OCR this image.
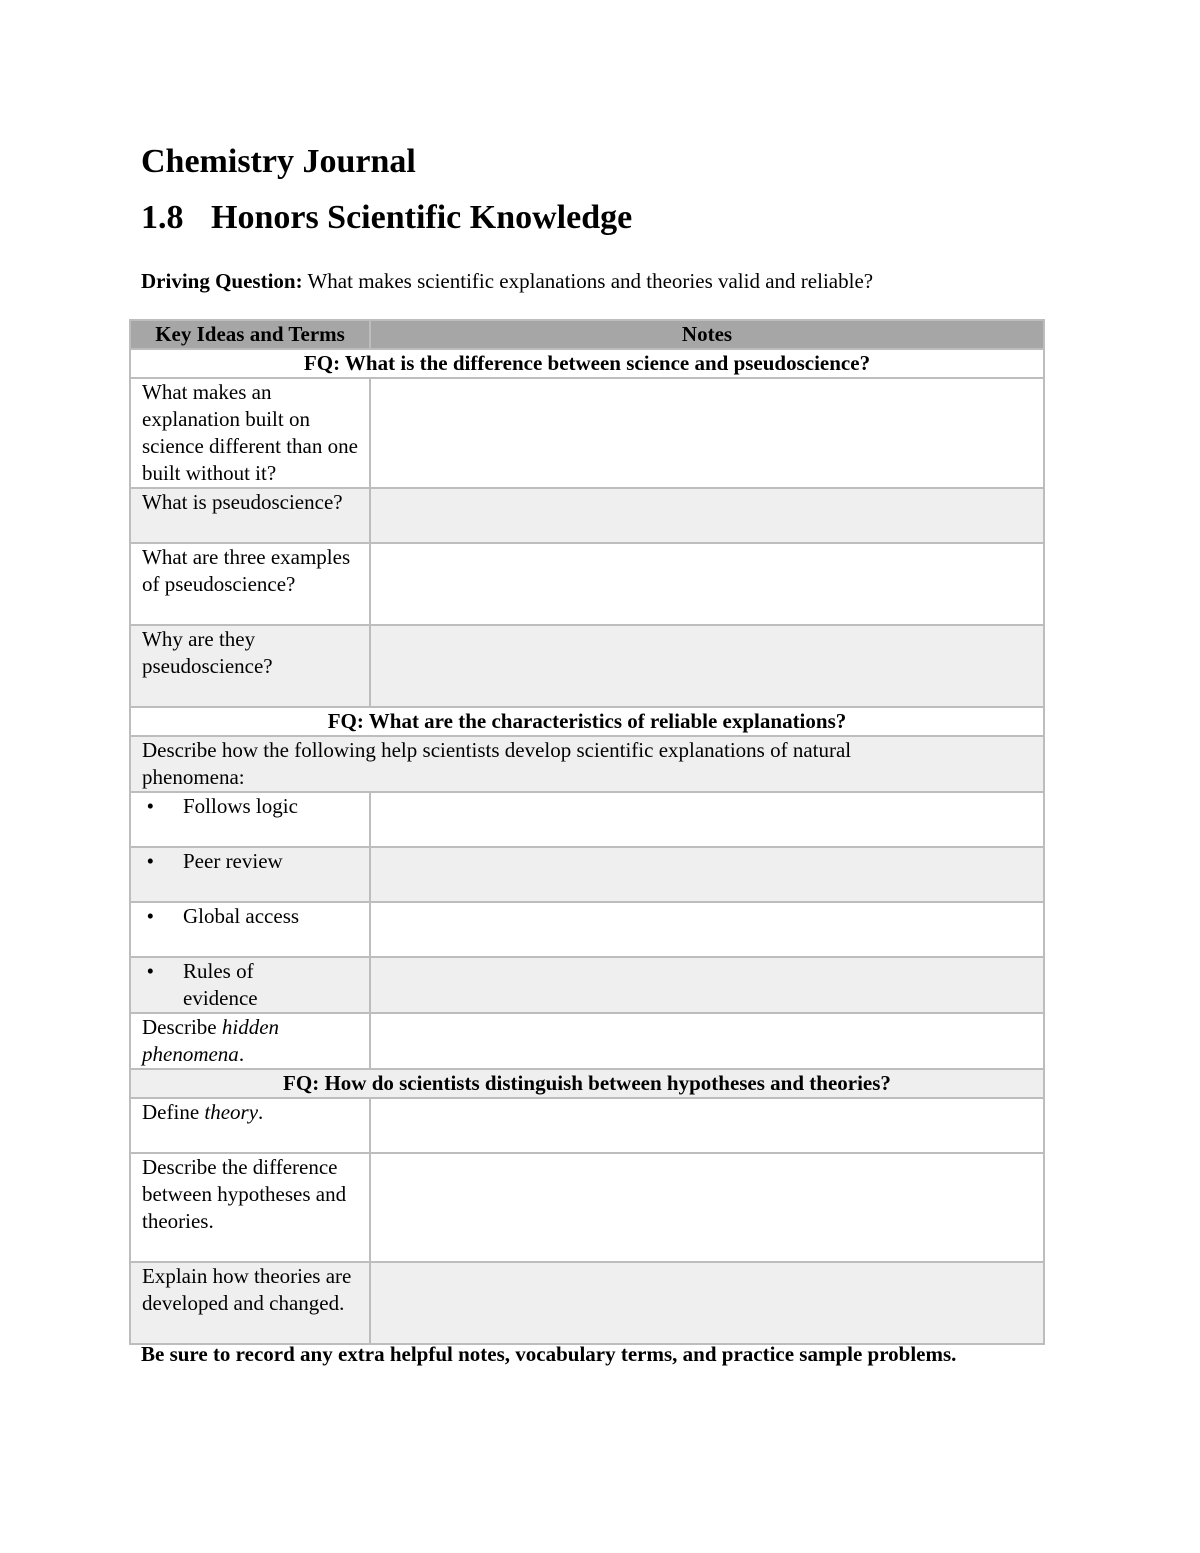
Chemistry Journal
1.8 Honors Scientific Knowledge

Driving Question: What makes scientific explanations and theories valid and reliable?

Key Ideas and Terms	Notes
FQ: What is the difference between science and pseudoscience?	
What makes an explanation built on science different than one built without it?	
What is pseudoscience?	
What are three examples of pseudoscience?	
Why are they pseudoscience?	
FQ: What are the characteristics of reliable explanations?	
Describe how the following help scientists develop scientific explanations of natural phenomena:	
• Follows logic	
• Peer review	
• Global access	
• Rules of evidence	
Describe hidden phenomena.	
FQ: How do scientists distinguish between hypotheses and theories?	
Define theory.	
Describe the difference between hypotheses and theories.	
Explain how theories are developed and changed.	

Be sure to record any extra helpful notes, vocabulary terms, and practice sample problems.
